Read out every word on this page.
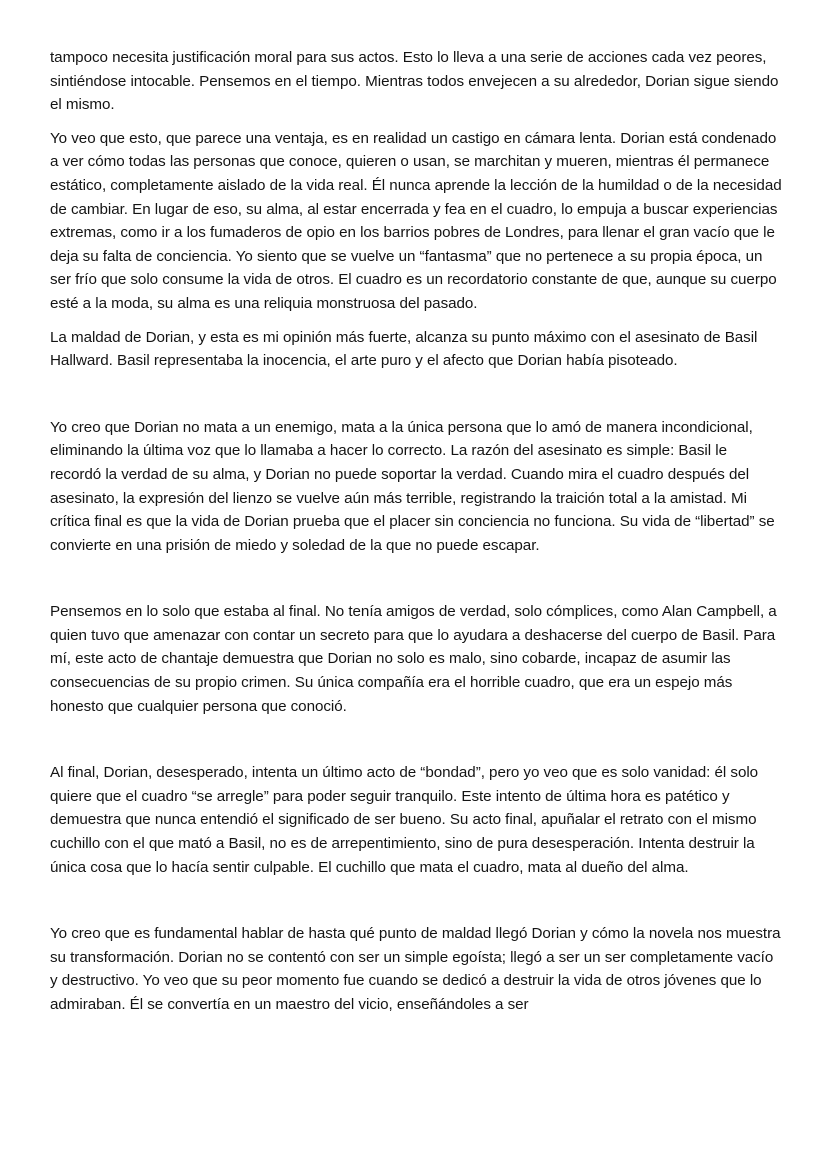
tampoco necesita justificación moral para sus actos. Esto lo lleva a una serie de acciones cada vez peores, sintiéndose intocable. Pensemos en el tiempo. Mientras todos envejecen a su alrededor, Dorian sigue siendo el mismo.

Yo veo que esto, que parece una ventaja, es en realidad un castigo en cámara lenta. Dorian está condenado a ver cómo todas las personas que conoce, quieren o usan, se marchitan y mueren, mientras él permanece estático, completamente aislado de la vida real. Él nunca aprende la lección de la humildad o de la necesidad de cambiar. En lugar de eso, su alma, al estar encerrada y fea en el cuadro, lo empuja a buscar experiencias extremas, como ir a los fumaderos de opio en los barrios pobres de Londres, para llenar el gran vacío que le deja su falta de conciencia. Yo siento que se vuelve un “fantasma” que no pertenece a su propia época, un ser frío que solo consume la vida de otros. El cuadro es un recordatorio constante de que, aunque su cuerpo esté a la moda, su alma es una reliquia monstruosa del pasado.

La maldad de Dorian, y esta es mi opinión más fuerte, alcanza su punto máximo con el asesinato de Basil Hallward. Basil representaba la inocencia, el arte puro y el afecto que Dorian había pisoteado.

Yo creo que Dorian no mata a un enemigo, mata a la única persona que lo amó de manera incondicional, eliminando la última voz que lo llamaba a hacer lo correcto. La razón del asesinato es simple: Basil le recordó la verdad de su alma, y Dorian no puede soportar la verdad. Cuando mira el cuadro después del asesinato, la expresión del lienzo se vuelve aún más terrible, registrando la traición total a la amistad. Mi crítica final es que la vida de Dorian prueba que el placer sin conciencia no funciona. Su vida de “libertad” se convierte en una prisión de miedo y soledad de la que no puede escapar.

Pensemos en lo solo que estaba al final. No tenía amigos de verdad, solo cómplices, como Alan Campbell, a quien tuvo que amenazar con contar un secreto para que lo ayudara a deshacerse del cuerpo de Basil. Para mí, este acto de chantaje demuestra que Dorian no solo es malo, sino cobarde, incapaz de asumir las consecuencias de su propio crimen. Su única compañía era el horrible cuadro, que era un espejo más honesto que cualquier persona que conoció.

Al final, Dorian, desesperado, intenta un último acto de “bondad”, pero yo veo que es solo vanidad: él solo quiere que el cuadro “se arregle” para poder seguir tranquilo. Este intento de última hora es patético y demuestra que nunca entendió el significado de ser bueno. Su acto final, apuñalar el retrato con el mismo cuchillo con el que mató a Basil, no es de arrepentimiento, sino de pura desesperación. Intenta destruir la única cosa que lo hacía sentir culpable. El cuchillo que mata el cuadro, mata al dueño del alma.

Yo creo que es fundamental hablar de hasta qué punto de maldad llegó Dorian y cómo la novela nos muestra su transformación. Dorian no se contentó con ser un simple egoísta; llegó a ser un ser completamente vacío y destructivo. Yo veo que su peor momento fue cuando se dedicó a destruir la vida de otros jóvenes que lo admiraban. Él se convertía en un maestro del vicio, enseñándoles a ser
